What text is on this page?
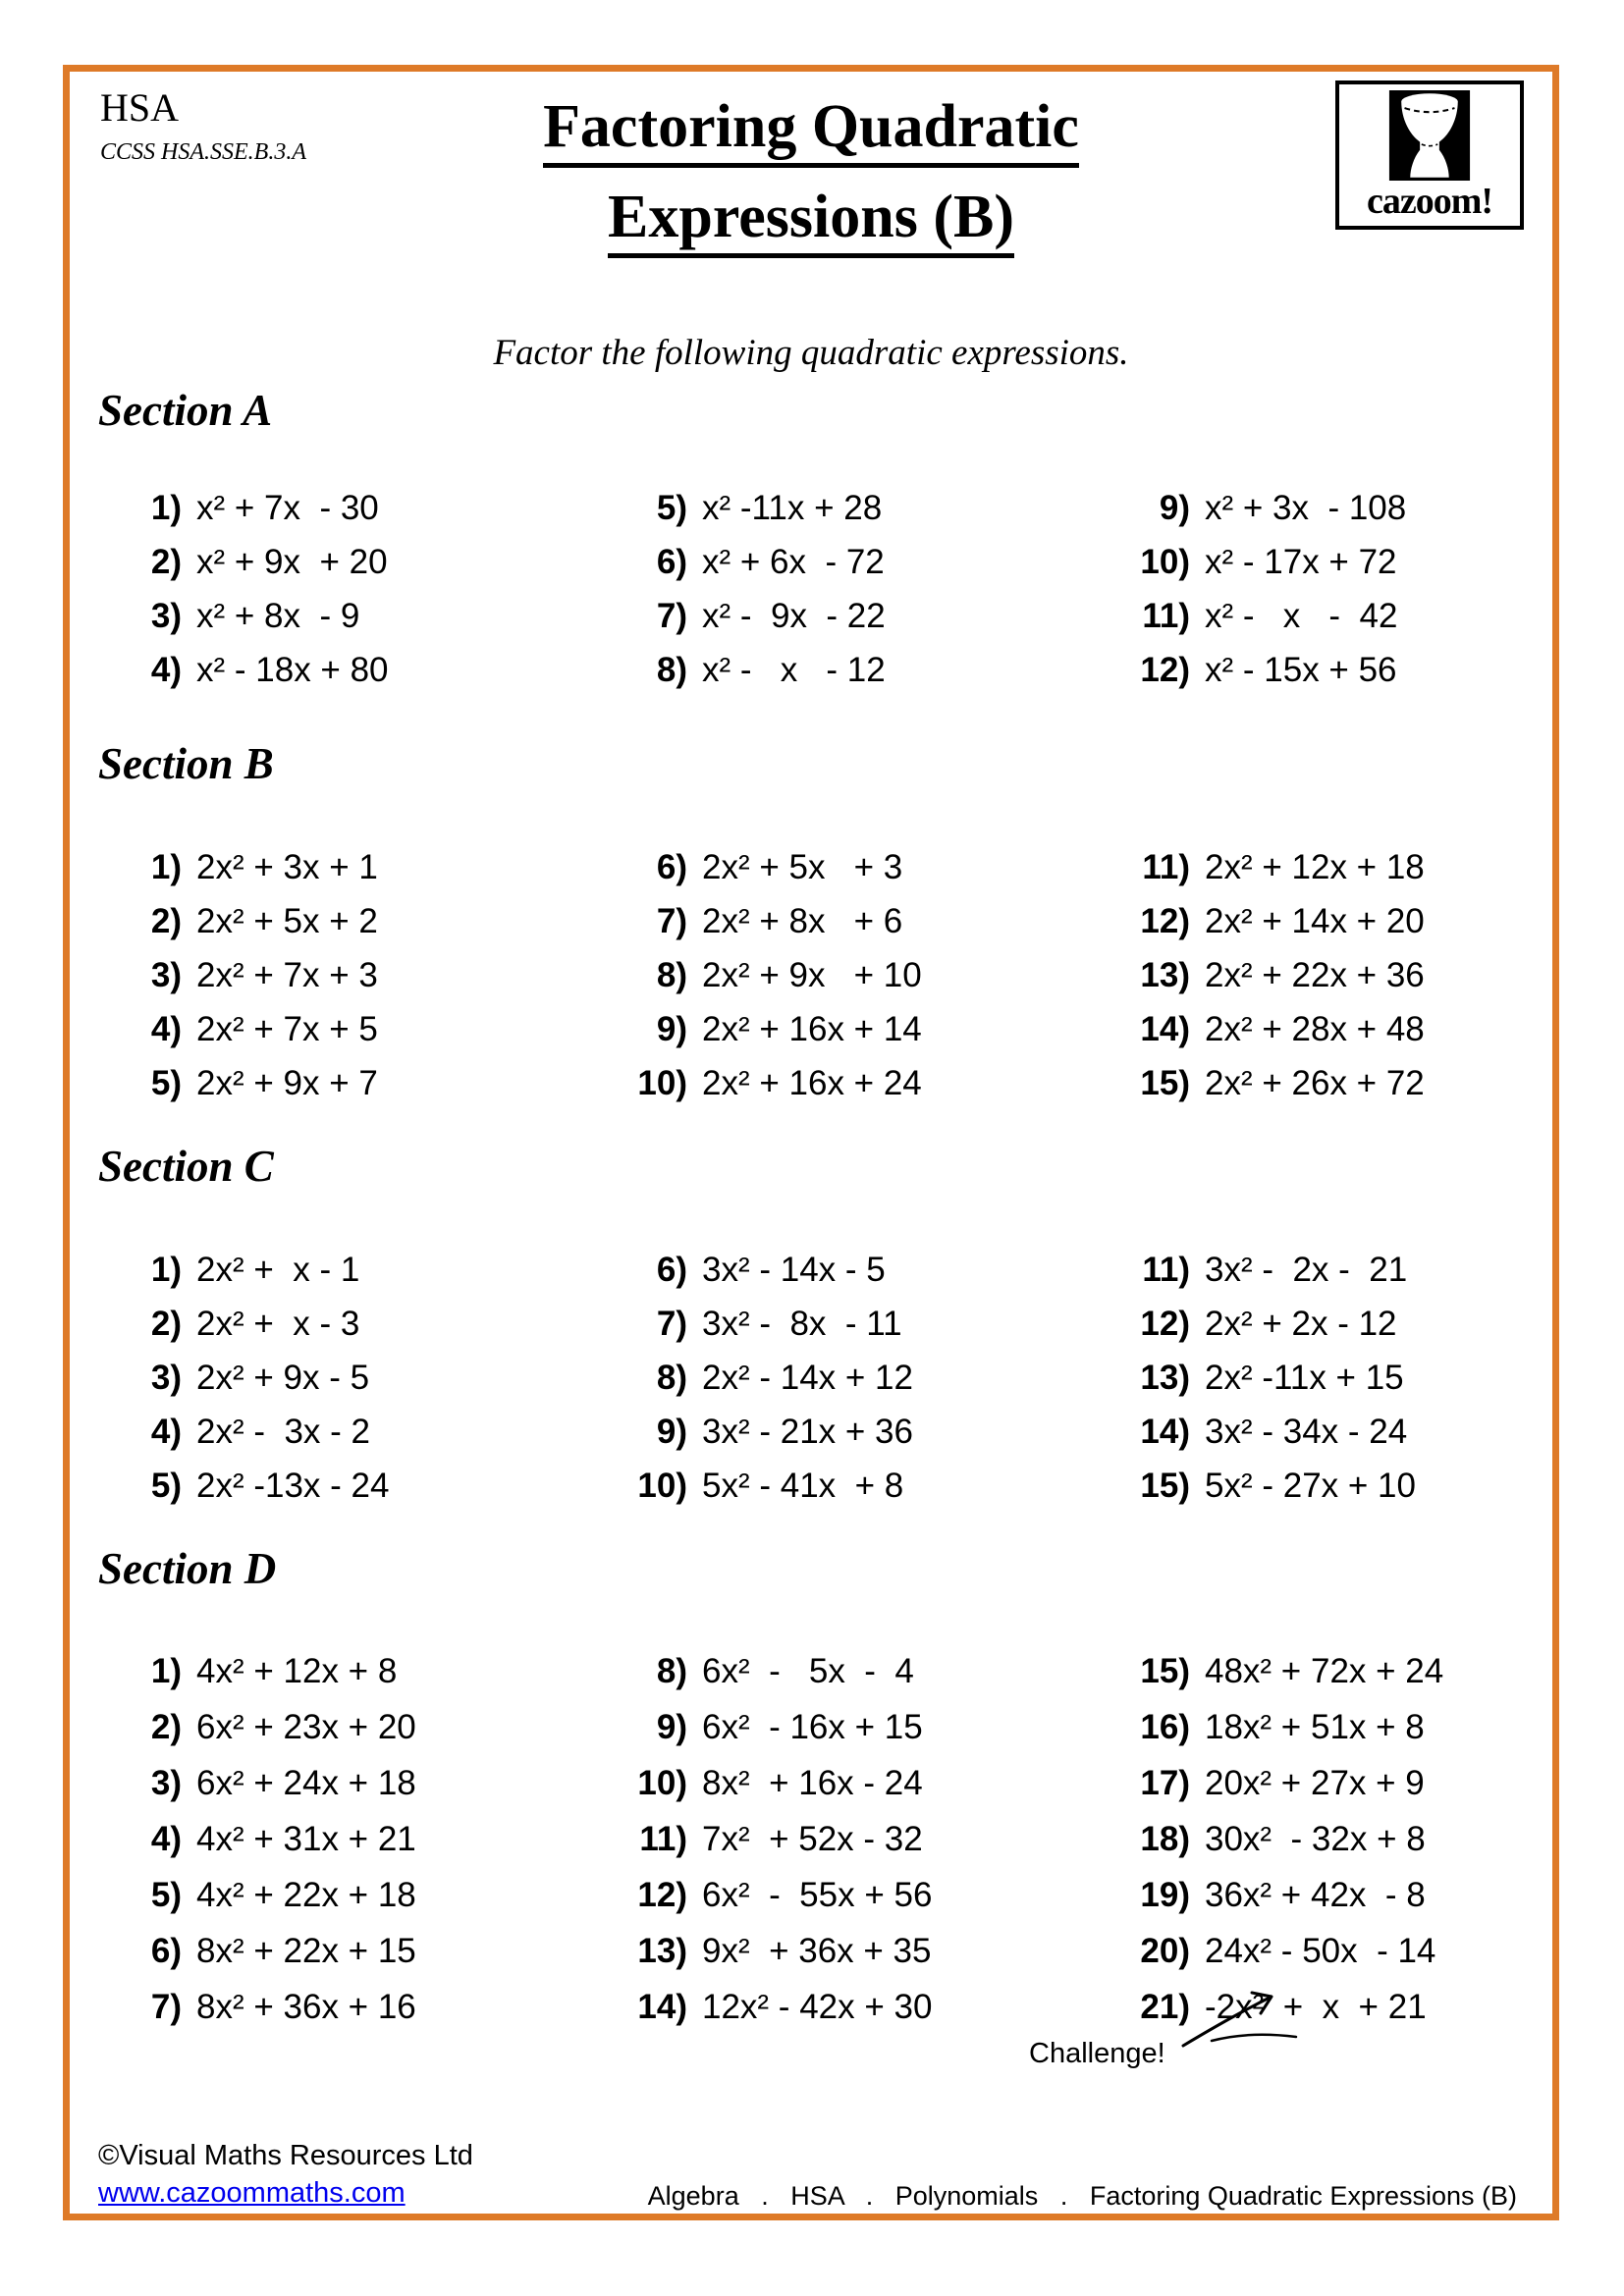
HSA
CCSS HSA.SSE.B.3.A	Factoring Quadratic
Expressions (B)	cazoom!
Factor the following quadratic expressions.
Section A
1) x² + 7x  - 30
2) x² + 9x  + 20
3) x² + 8x  - 9
4) x² - 18x + 80
5) x² -11x + 28
6) x² + 6x  - 72
7) x² -  9x  - 22
8) x² -   x   - 12
9) x² + 3x  - 108
10) x² - 17x + 72
11) x² -   x   -  42
12) x² - 15x + 56
Section B
1) 2x² + 3x + 1
2) 2x² + 5x + 2
3) 2x² + 7x + 3
4) 2x² + 7x + 5
5) 2x² + 9x + 7
6) 2x² + 5x   + 3
7) 2x² + 8x   + 6
8) 2x² + 9x   + 10
9) 2x² + 16x + 14
10) 2x² + 16x + 24
11) 2x² + 12x + 18
12) 2x² + 14x + 20
13) 2x² + 22x + 36
14) 2x² + 28x + 48
15) 2x² + 26x + 72
Section C
1) 2x² +  x - 1
2) 2x² +  x - 3
3) 2x² + 9x - 5
4) 2x² -  3x - 2
5) 2x² -13x - 24
6) 3x² - 14x - 5
7) 3x² -  8x  - 11
8) 2x² - 14x + 12
9) 3x² - 21x + 36
10) 5x² - 41x  + 8
11) 3x² -  2x -  21
12) 2x² + 2x - 12
13) 2x² -11x + 15
14) 3x² - 34x - 24
15) 5x² - 27x + 10
Section D
1) 4x² + 12x + 8
2) 6x² + 23x + 20
3) 6x² + 24x + 18
4) 4x² + 31x + 21
5) 4x² + 22x + 18
6) 8x² + 22x + 15
7) 8x² + 36x + 16
8) 6x²  -   5x  -  4
9) 6x²  - 16x + 15
10) 8x²  + 16x - 24
11) 7x²  + 52x - 32
12) 6x²  -  55x + 56
13) 9x²  + 36x + 35
14) 12x² - 42x + 30
15) 48x² + 72x + 24
16) 18x² + 51x + 8
17) 20x² + 27x + 9
18) 30x²  - 32x + 8
19) 36x² + 42x  - 8
20) 24x² - 50x  - 14
21) -2x²  +  x  + 21
Challenge!
©Visual Maths Resources Ltd
www.cazoommaths.com	Algebra   .   HSA   .   Polynomials   .   Factoring Quadratic Expressions (B)
